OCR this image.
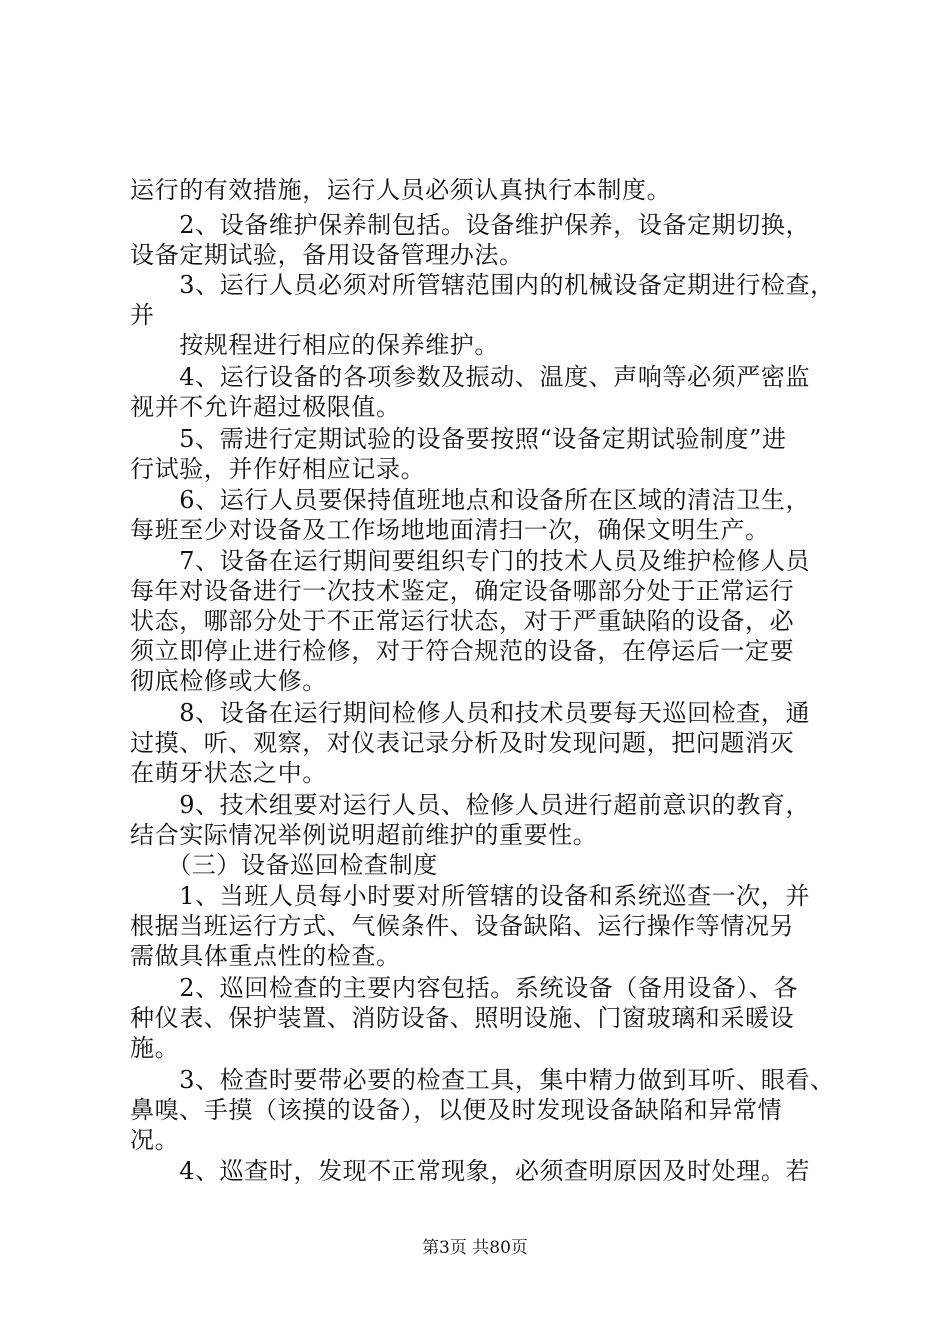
运行的有效措施，运行人员必须认真执行本制度。
　　2、设备维护保养制包括。设备维护保养，设备定期切换，
设备定期试验，备用设备管理办法。
　　3、运行人员必须对所管辖范围内的机械设备定期进行检查，
并
　　按规程进行相应的保养维护。
　　4、运行设备的各项参数及振动、温度、声响等必须严密监
视并不允许超过极限值。
　　5、需进行定期试验的设备要按照“设备定期试验制度”进
行试验，并作好相应记录。
　　6、运行人员要保持值班地点和设备所在区域的清洁卫生，
每班至少对设备及工作场地地面清扫一次，确保文明生产。
　　7、设备在运行期间要组织专门的技术人员及维护检修人员
每年对设备进行一次技术鉴定，确定设备哪部分处于正常运行
状态，哪部分处于不正常运行状态，对于严重缺陷的设备，必
须立即停止进行检修，对于符合规范的设备，在停运后一定要
彻底检修或大修。
　　8、设备在运行期间检修人员和技术员要每天巡回检查，通
过摸、听、观察，对仪表记录分析及时发现问题，把问题消灭
在萌牙状态之中。
　　9、技术组要对运行人员、检修人员进行超前意识的教育，
结合实际情况举例说明超前维护的重要性。
　　（三）设备巡回检查制度
　　1、当班人员每小时要对所管辖的设备和系统巡查一次，并
根据当班运行方式、气候条件、设备缺陷、运行操作等情况另
需做具体重点性的检查。
　　2、巡回检查的主要内容包括。系统设备（备用设备）、各
种仪表、保护装置、消防设备、照明设施、门窗玻璃和采暖设
施。
　　3、检查时要带必要的检查工具，集中精力做到耳听、眼看、
鼻嗅、手摸（该摸的设备），以便及时发现设备缺陷和异常情
况。
　　4、巡查时，发现不正常现象，必须查明原因及时处理。若
第3页 共80页
